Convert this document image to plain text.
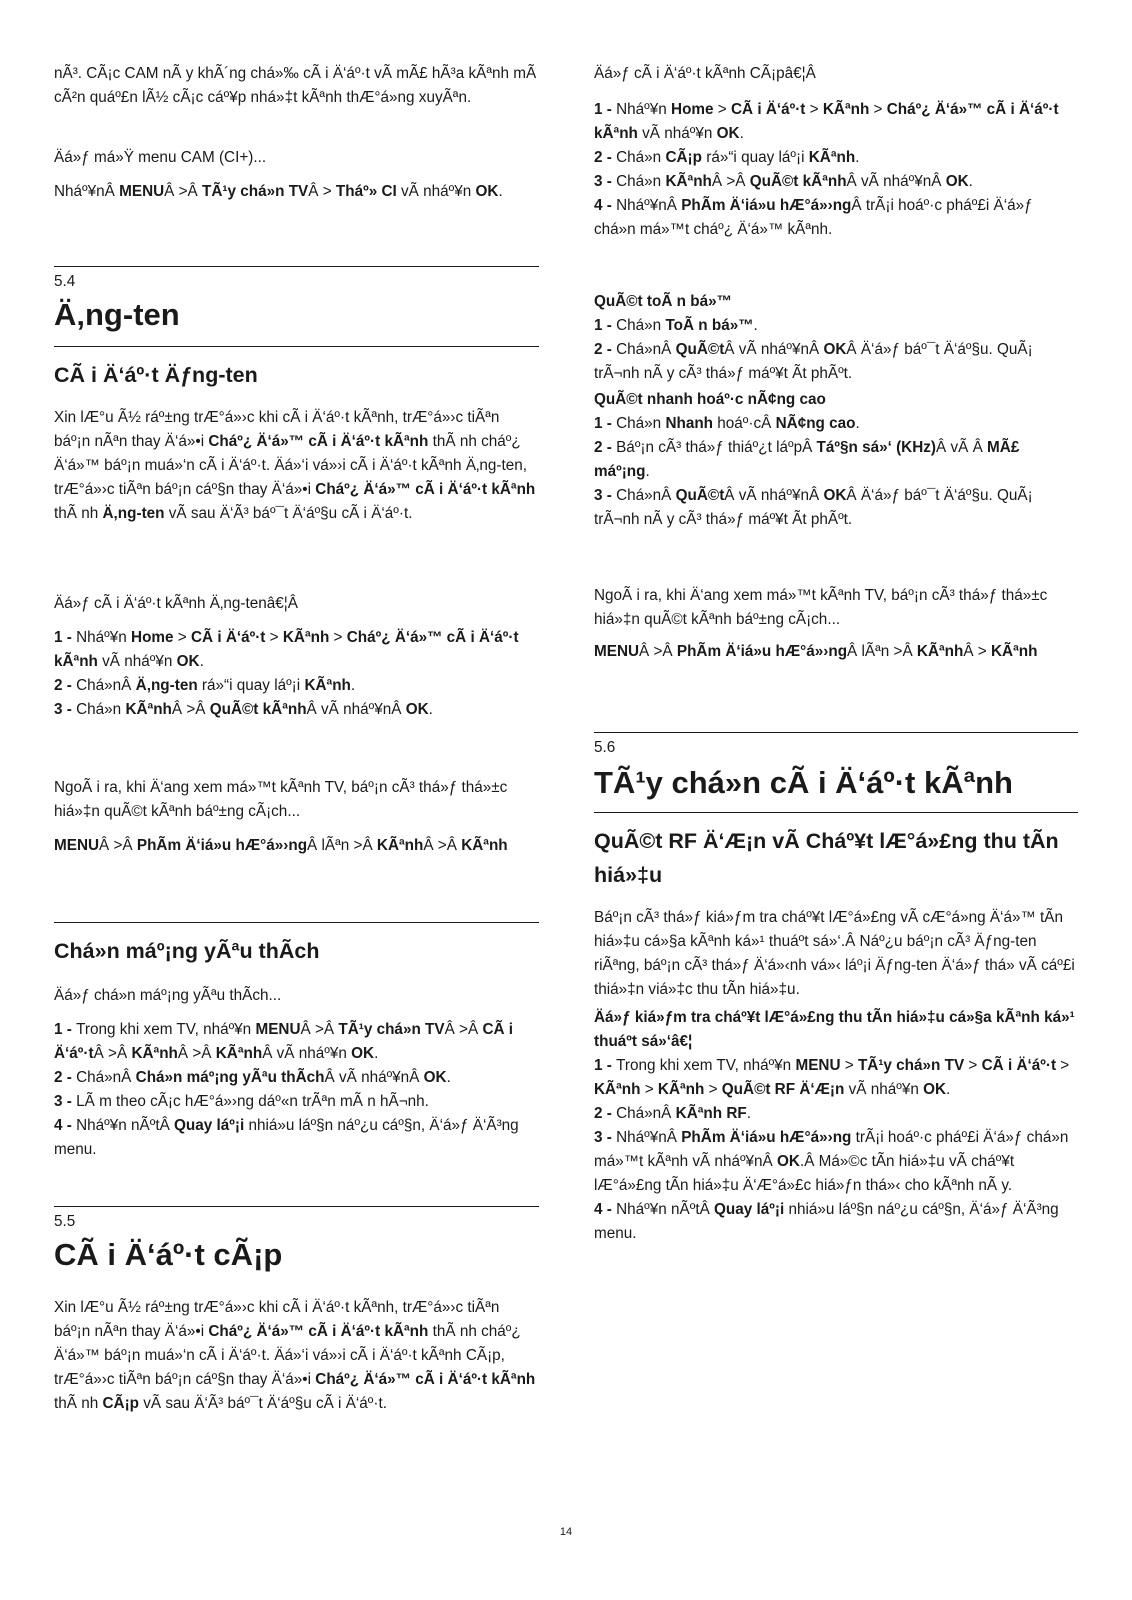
nÃ³. CÃ¡c CAM nÃ y khÃ´ng chá»‰ cÃ i Ä‘áº·t vÃ mÃ£ hÃ³a kÃªnh mÃ cÃ²n quáº£n lÃ½ cÃ¡c cáº¥p nhá»‡t kÃªnh thÆ°á»ng xuyÃªn.

Äá»ƒ má»Ÿ menu CAM (CI+)...

Nháº¥nÂ MENUÂ >Â TÃ¹y chá»n TVÂ > Tháº» CI vÃ nháº¥n OK.

5.4
Ä‚ng-ten
CÃ i Ä‘áº·t Äƒng-ten

Xin lÆ°u Ã½ ráº±ng trÆ°á»›c khi cÃ i Ä‘áº·t kÃªnh, trÆ°á»›c tiÃªn báº¡n nÃªn thay Ä‘á»•i Cháº¿ Ä‘á»™ cÃ i Ä‘áº·t kÃªnh thÃ nh cháº¿ Ä‘á»™ báº¡n muá»‘n cÃ i Ä‘áº·t. Äá»‘i vá»›i cÃ i Ä‘áº·t kÃªnh Ä‚ng-ten, trÆ°á»›c tiÃªn báº¡n cáº§n thay Ä‘á»•i Cháº¿ Ä‘á»™ cÃ i Ä‘áº·t kÃªnh thÃ nh Ä‚ng-ten vÃ sau Ä‘Ã³ báº¯t Ä‘áº§u cÃ i Ä‘áº·t.

Äá»ƒ cÃ i Ä‘áº·t kÃªnh Ä‚ng-tenâ€¦Â

1 - Nháº¥n Home > CÃ i Ä‘áº·t > KÃªnh > Cháº¿ Ä‘á»™ cÃ i Ä‘áº·t kÃªnh vÃ nháº¥n OK.

2 - Chá»nÂ Ä‚ng-ten rá»“i quay láº¡i KÃªnh.

3 - Chá»n KÃªnhÂ >Â QuÃ©t kÃªnhÂ vÃ nháº¥nÂ OK.

NgoÃ i ra, khi Ä‘ang xem má»™t kÃªnh TV, báº¡n cÃ³ thá»ƒ thá»±c hiá»‡n quÃ©t kÃªnh báº±ng cÃ¡ch...

MENUÂ >Â PhÃm Ä‘iá»u hÆ°á»›ngÂ lÃªn >Â KÃªnhÂ >Â KÃªnh

Chá»n máº¡ng yÃªu thÃch

Äá»ƒ chá»n máº¡ng yÃªu thÃch...

1 - Trong khi xem TV, nháº¥n MENUÂ >Â TÃ¹y chá»n TVÂ >Â CÃ i Ä‘áº·tÂ >Â KÃªnhÂ >Â KÃªnhÂ vÃ nháº¥n OK.

2 - Chá»nÂ Chá»n máº¡ng yÃªu thÃchÂ vÃ nháº¥nÂ OK.

3 - LÃ m theo cÃ¡c hÆ°á»›ng dáº«n trÃªn mÃ n hÃ¬nh.

4 - Nháº¥n nÃºtÂ Quay láº¡i nhiá»u láº§n náº¿u cáº§n, Ä‘á»ƒ Ä‘Ã³ng menu.

5.5
CÃ i Ä‘áº·t cÃ¡p

Xin lÆ°u Ã½ ráº±ng trÆ°á»›c khi cÃ i Ä‘áº·t kÃªnh, trÆ°á»›c tiÃªn báº¡n nÃªn thay Ä‘á»•i Cháº¿ Ä‘á»™ cÃ i Ä‘áº·t kÃªnh thÃ nh cháº¿ Ä‘á»™ báº¡n muá»‘n cÃ i Ä‘áº·t. Äá»‘i vá»›i cÃ i Ä‘áº·t kÃªnh CÃ¡p, trÆ°á»›c tiÃªn báº¡n cáº§n thay Ä‘á»•i Cháº¿ Ä‘á»™ cÃ i Ä‘áº·t kÃªnh thÃ nh CÃ¡p vÃ sau Ä‘Ã³ báº¯t Ä‘áº§u cÃ i Ä‘áº·t.

Äá»ƒ cÃ i Ä‘áº·t kÃªnh CÃ¡pâ€¦Â

1 - Nháº¥n Home > CÃ i Ä‘áº·t > KÃªnh > Cháº¿ Ä‘á»™ cÃ i Ä‘áº·t kÃªnh vÃ nháº¥n OK.

2 - Chá»n CÃ¡p rá»“i quay láº¡i KÃªnh.

3 - Chá»n KÃªnhÂ >Â QuÃ©t kÃªnhÂ vÃ nháº¥nÂ OK.

4 - Nháº¥nÂ PhÃm Ä‘iá»u hÆ°á»›ngÂ trÃ¡i hoáº·c pháº£i Ä‘á»ƒ chá»n má»™t cháº¿ Ä‘á»™ kÃªnh.

QuÃ©t toÃ n bá»™

1 - Chá»n ToÃ n bá»™.

2 - Chá»nÂ QuÃ©tÂ vÃ nháº¥nÂ OKÂ Ä‘á»ƒ báº¯t Ä‘áº§u. QuÃ¡ trÃ¬nh nÃ y cÃ³ thá»ƒ máº¥t Ãt phÃºt.

QuÃ©t nhanh hoáº·c nÃ¢ng cao

1 - Chá»n Nhanh hoáº·cÂ NÃ¢ng cao.

2 - Báº¡n cÃ³ thá»ƒ thiáº¿t láºpÂ Táº§n sá»‘ (KHz)Â vÃ Â MÃ£ máº¡ng.

3 - Chá»nÂ QuÃ©tÂ vÃ nháº¥nÂ OKÂ Ä‘á»ƒ báº¯t Ä‘áº§u. QuÃ¡ trÃ¬nh nÃ y cÃ³ thá»ƒ máº¥t Ãt phÃºt.

NgoÃ i ra, khi Ä‘ang xem má»™t kÃªnh TV, báº¡n cÃ³ thá»ƒ thá»±c hiá»‡n quÃ©t kÃªnh báº±ng cÃ¡ch...

MENUÂ >Â PhÃm Ä‘iá»u hÆ°á»›ngÂ lÃªn >Â KÃªnhÂ > KÃªnh

5.6
TÃ¹y chá»n cÃ i Ä‘áº·t kÃªnh
QuÃ©t RF Ä‘Æ¡n vÃ Cháº¥t lÆ°á»£ng thu tÃn hiá»‡u

Báº¡n cÃ³ thá»ƒ kiá»ƒm tra cháº¥t lÆ°á»£ng vÃ cÆ°á»ng Ä‘á»™ tÃn hiá»‡u cá»§a kÃªnh ká»¹ thuáºt sá»‘.Â Náº¿u báº¡n cÃ³ Äƒng-ten riÃªng, báº¡n cÃ³ thá»ƒ Ä‘á»‹nh vá»‹ láº¡i Äƒng-ten Ä‘á»ƒ thá» vÃ cáº£i thiá»‡n viá»‡c thu tÃn hiá»‡u.

Äá»ƒ kiá»ƒm tra cháº¥t lÆ°á»£ng thu tÃn hiá»‡u cá»§a kÃªnh ká»¹ thuáºt sá»‘â€¦

1 - Trong khi xem TV, nháº¥n MENU > TÃ¹y chá»n TV > CÃ i Ä‘áº·t > KÃªnh > KÃªnh > QuÃ©t RF Ä‘Æ¡n vÃ nháº¥n OK.

2 - Chá»nÂ KÃªnh RF.

3 - Nháº¥nÂ PhÃm Ä‘iá»u hÆ°á»›ng trÃ¡i hoáº·c pháº£i Ä‘á»ƒ chá»n má»™t kÃªnh vÃ nháº¥nÂ OK.Â Má»©c tÃn hiá»‡u vÃ cháº¥t lÆ°á»£ng tÃn hiá»‡u Ä‘Æ°á»£c hiá»ƒn thá»‹ cho kÃªnh nÃ y.

4 - Nháº¥n nÃºtÂ Quay láº¡i nhiá»u láº§n náº¿u cáº§n, Ä‘á»ƒ Ä‘Ã³ng menu.

14
